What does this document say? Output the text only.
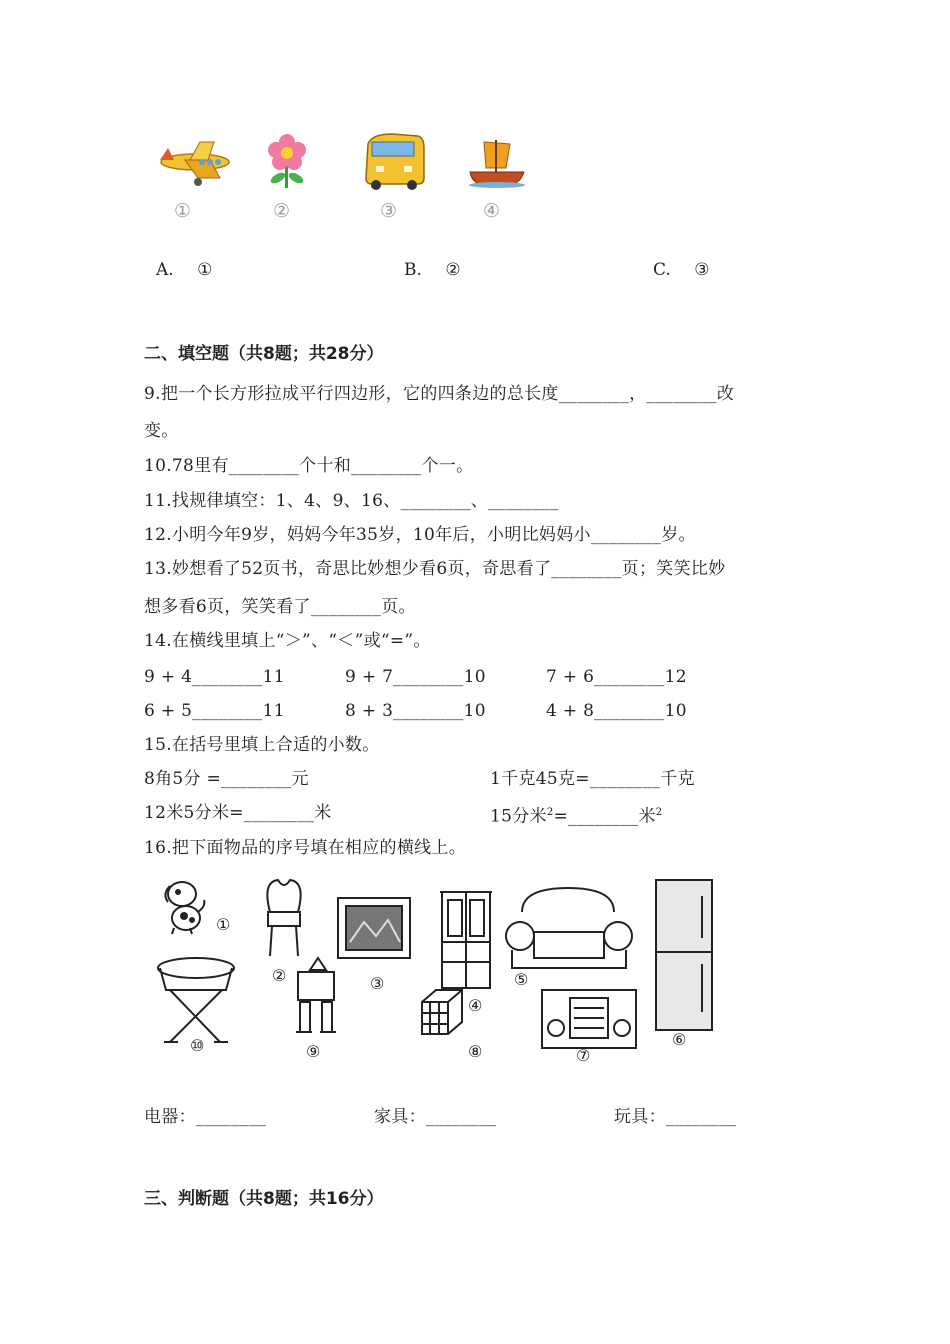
①	②	③	④
A. ①	B. ②	C. ③
二、填空题（共8题；共28分）
9.把一个长方形拉成平行四边形，它的四条边的总长度________，________改
变。
10.78里有________个十和________个一。
11.找规律填空：1、4、9、16、________、________
12.小明今年9岁，妈妈今年35岁，10年后，小明比妈妈小________岁。
13.妙想看了52页书，奇思比妙想少看6页，奇思看了________页；笑笑比妙
想多看6页，笑笑看了________页。
14.在横线里填上“＞”、“＜”或“=”。
9 + 4________11	9 + 7________10	7 + 6________12
6 + 5________11	8 + 3________10	4 + 8________10
15.在括号里填上合适的小数。
8角5分 =________元	1千克45克=________千克
12米5分米=________米	15分米$^2$=________米$^2$
16.把下面物品的序号填在相应的横线上。
①
②	③
④
⑤
⑥
⑦
⑧
⑨
⑩
电器：________	家具：________	玩具：________
三、判断题（共8题；共16分）
